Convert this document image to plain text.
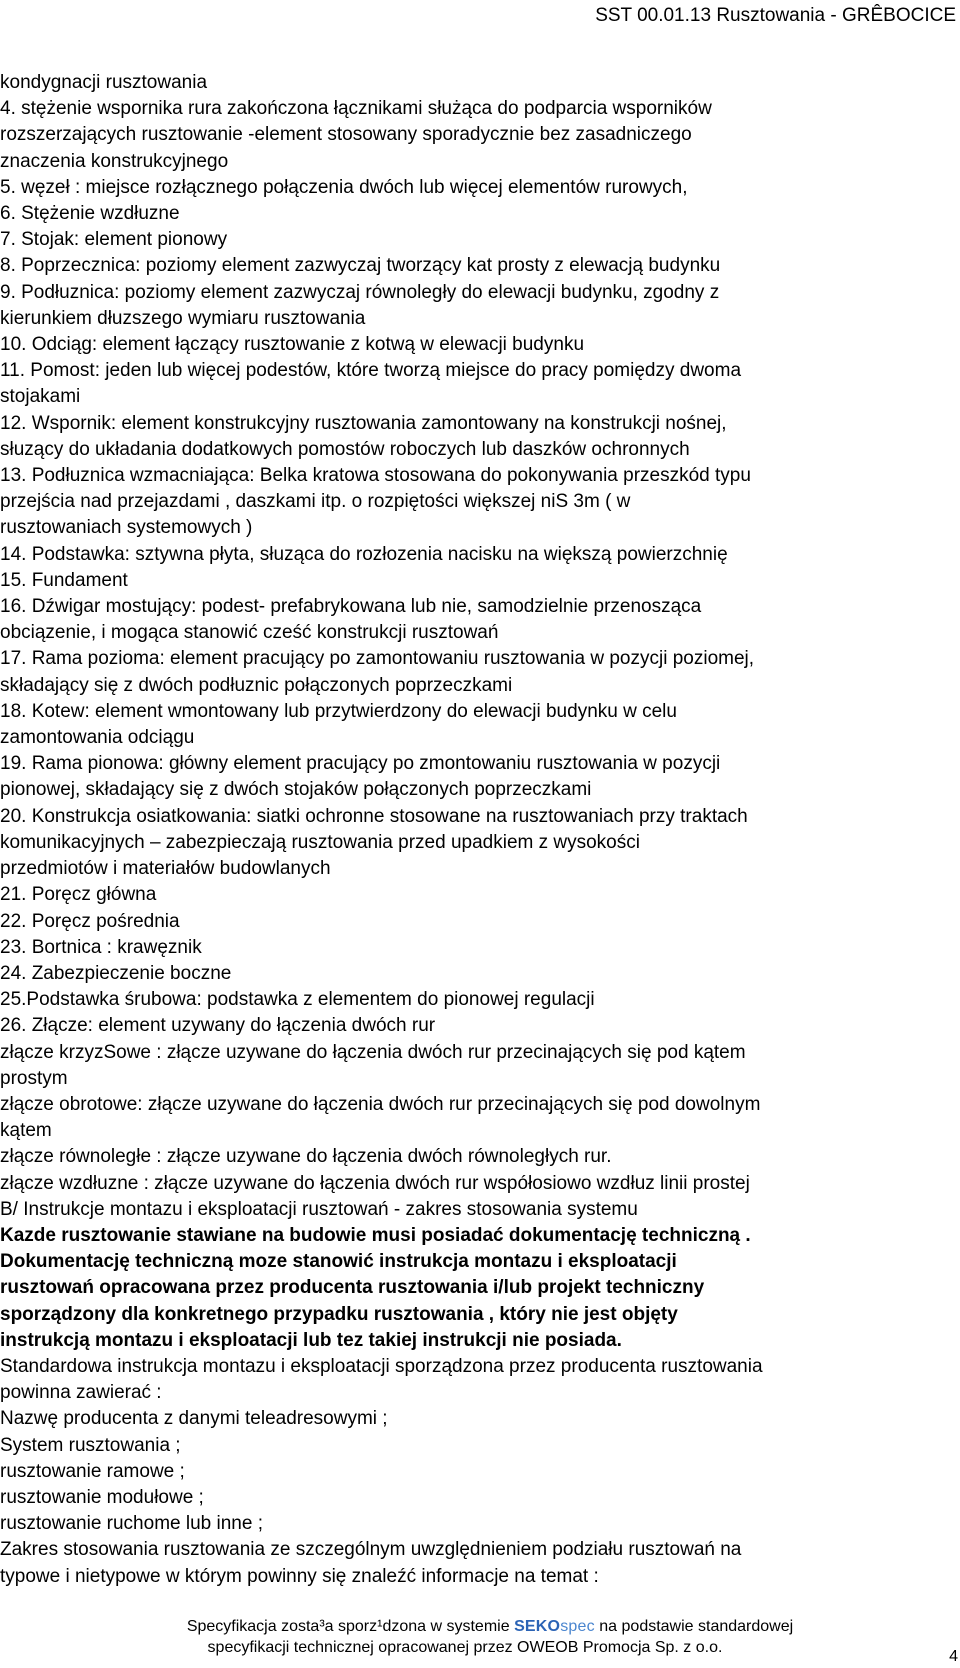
SST 00.01.13 Rusztowania - GRÊBOCICE

kondygnacji rusztowania

4. stężenie wspornika rura zakończona łącznikami służąca do podparcia wsporników

rozszerzających rusztowanie -element stosowany sporadycznie bez zasadniczego

znaczenia konstrukcyjnego

5. węzeł : miejsce rozłącznego połączenia dwóch lub więcej elementów rurowych,

6. Stężenie wzdłuzne

7. Stojak: element pionowy

8. Poprzecznica: poziomy element zazwyczaj tworzący kat prosty z elewacją budynku

9. Podłuznica: poziomy element zazwyczaj równoległy do elewacji budynku, zgodny z

kierunkiem dłuzszego wymiaru rusztowania

10. Odciąg: element łączący rusztowanie z kotwą w elewacji budynku

11. Pomost: jeden lub więcej podestów, które tworzą miejsce do pracy pomiędzy dwoma

stojakami

12. Wspornik: element konstrukcyjny rusztowania zamontowany na konstrukcji nośnej,

słuzący do układania dodatkowych pomostów roboczych lub daszków ochronnych

13. Podłuznica wzmacniająca: Belka kratowa stosowana do pokonywania przeszkód typu

przejścia nad przejazdami , daszkami itp. o rozpiętości większej niS 3m ( w

rusztowaniach systemowych )

14. Podstawka: sztywna płyta, słuząca do rozłozenia nacisku na większą powierzchnię

15. Fundament

16. Dźwigar mostujący: podest- prefabrykowana lub nie, samodzielnie przenosząca

obciązenie, i mogąca stanowić cześć konstrukcji rusztowań

17. Rama pozioma: element pracujący po zamontowaniu rusztowania w pozycji poziomej,

składający się z dwóch podłuznic połączonych poprzeczkami

18. Kotew: element wmontowany lub przytwierdzony do elewacji budynku w celu

zamontowania odciągu

19. Rama pionowa: główny element pracujący po zmontowaniu rusztowania w pozycji

pionowej, składający się z dwóch stojaków połączonych poprzeczkami

20. Konstrukcja osiatkowania: siatki ochronne stosowane na rusztowaniach przy traktach

komunikacyjnych – zabezpieczają rusztowania przed upadkiem z wysokości

przedmiotów i materiałów budowlanych

21. Poręcz główna

22. Poręcz pośrednia

23. Bortnica : krawęznik

24. Zabezpieczenie boczne

25.Podstawka śrubowa: podstawka z elementem do pionowej regulacji

26. Złącze: element uzywany do łączenia dwóch rur

złącze krzyzSowe : złącze uzywane do łączenia dwóch rur przecinających się pod kątem

prostym

złącze obrotowe: złącze uzywane do łączenia dwóch rur przecinających się pod dowolnym

kątem

złącze równoległe : złącze uzywane do łączenia dwóch równoległych rur.

złącze wzdłuzne : złącze uzywane do łączenia dwóch rur współosiowo wzdłuz linii prostej

B/ Instrukcje montazu i eksploatacji rusztowań - zakres stosowania systemu

Kazde rusztowanie stawiane na budowie musi posiadać dokumentację techniczną .

Dokumentację techniczną moze stanowić instrukcja montazu i eksploatacji

rusztowań opracowana przez producenta rusztowania i/lub projekt techniczny

sporządzony dla konkretnego przypadku rusztowania , który nie jest objęty

instrukcją montazu i eksploatacji lub tez takiej instrukcji nie posiada.

Standardowa instrukcja montazu i eksploatacji sporządzona przez producenta rusztowania

powinna zawierać :

Nazwę producenta z danymi teleadresowymi ;

System rusztowania ;

rusztowanie ramowe ;

rusztowanie modułowe ;

rusztowanie ruchome lub inne ;

Zakres stosowania rusztowania ze szczególnym uwzględnieniem podziału rusztowań na

typowe i nietypowe w którym powinny się znaleźć informacje na temat :

Specyfikacja zosta³a sporz¹dzona w systemie SEKOspec na podstawie standardowej
specyfikacji technicznej opracowanej przez OWEOB Promocja Sp. z o.o.
4
